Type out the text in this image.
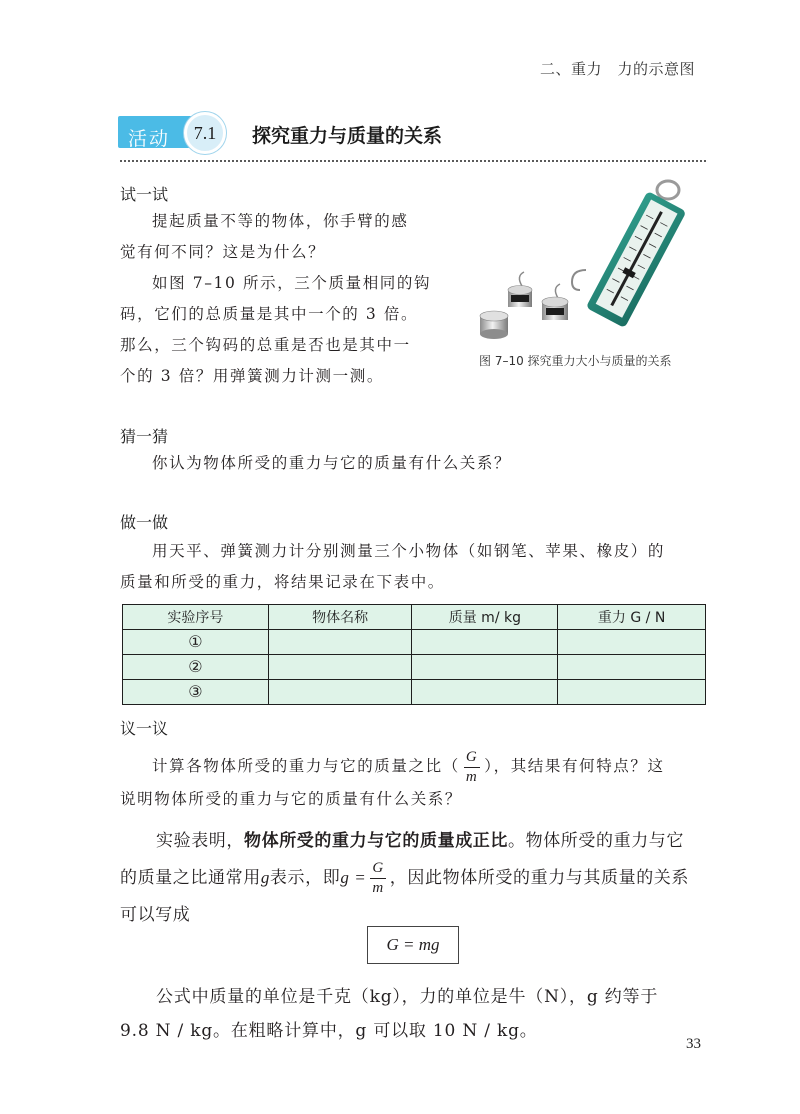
二、重力　力的示意图
活动	7.1	探究重力与质量的关系
试一试
提起质量不等的物体，你手臂的感
觉有何不同？这是为什么？
如图 7–10 所示，三个质量相同的钩
码，它们的总质量是其中一个的 3 倍。
那么，三个钩码的总重是否也是其中一
个的 3 倍？用弹簧测力计测一测。
图 7–10 探究重力大小与质量的关系
猜一猜
你认为物体所受的重力与它的质量有什么关系？
做一做
用天平、弹簧测力计分别测量三个小物体（如钢笔、苹果、橡皮）的
质量和所受的重力，将结果记录在下表中。
实验序号	物体名称	质量 m/ kg	重力 G / N
①			
②			
③			
议一议
计算各物体所受的重力与它的质量之比（ $\frac{G}{m}$ ），其结果有何特点？这
说明物体所受的重力与它的质量有什么关系？
实验表明，物体所受的重力与它的质量成正比。物体所受的重力与它
的质量之比通常用g表示，即$g = \frac{G}{m}$ ，因此物体所受的重力与其质量的关系
可以写成
G = mg
公式中质量的单位是千克（kg），力的单位是牛（N），g 约等于
9.8 N / kg。在粗略计算中，g 可以取 10 N / kg。
33
